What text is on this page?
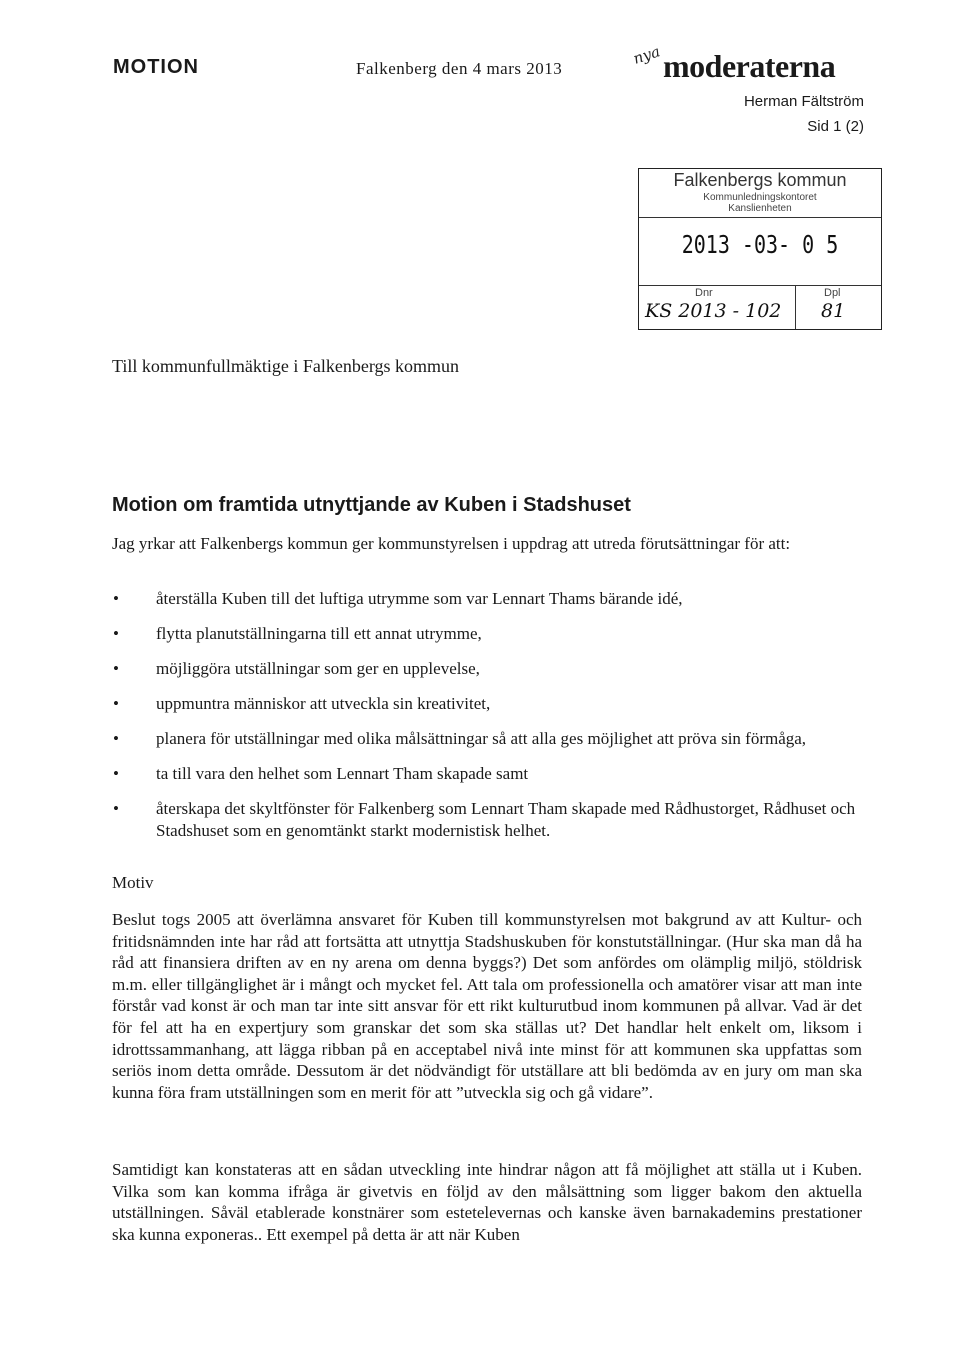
MOTION	Falkenberg den 4 mars 2013
nya moderaterna
Herman Fältström
Sid 1 (2)
Falkenbergs kommun
Kommunledningskontoret
Kanslienheten
2013 -03- 0 5
Dnr	Dpl
KS 2013 - 102 81
Till kommunfullmäktige i Falkenbergs kommun
Motion om framtida utnyttjande av Kuben i Stadshuset
Jag yrkar att Falkenbergs kommun ger kommunstyrelsen i uppdrag att utreda förutsättningar för att:
• återställa Kuben till det luftiga utrymme som var Lennart Thams bärande idé,
• flytta planutställningarna till ett annat utrymme,
• möjliggöra utställningar som ger en upplevelse,
• uppmuntra människor att utveckla sin kreativitet,
• planera för utställningar med olika målsättningar så att alla ges möjlighet att pröva sin förmåga,
• ta till vara den helhet som Lennart Tham skapade samt
• återskapa det skyltfönster för Falkenberg som Lennart Tham skapade med Rådhustorget, Rådhuset och Stadshuset som en genomtänkt starkt modernistisk helhet.
Motiv
Beslut togs 2005 att överlämna ansvaret för Kuben till kommunstyrelsen mot bakgrund av att Kultur- och fritidsnämnden inte har råd att fortsätta att utnyttja Stadshuskuben för konstutställningar. (Hur ska man då ha råd att finansiera driften av en ny arena om denna byggs?) Det som anfördes om olämplig miljö, stöldrisk m.m. eller tillgänglighet är i mångt och mycket fel. Att tala om professionella och amatörer visar att man inte förstår vad konst är och man tar inte sitt ansvar för ett rikt kulturutbud inom kommunen på allvar. Vad är det för fel att ha en expertjury som granskar det som ska ställas ut? Det handlar helt enkelt om, liksom i idrottssammanhang, att lägga ribban på en acceptabel nivå inte minst för att kommunen ska uppfattas som seriös inom detta område. Dessutom är det nödvändigt för utställare att bli bedömda av en jury om man ska kunna föra fram utställningen som en merit för att ”utveckla sig och gå vidare”.
Samtidigt kan konstateras att en sådan utveckling inte hindrar någon att få möjlighet att ställa ut i Kuben. Vilka som kan komma ifråga är givetvis en följd av den målsättning som ligger bakom den aktuella utställningen. Såväl etablerade konstnärer som estetelevernas och kanske även barnakademins prestationer ska kunna exponeras.. Ett exempel på detta är att när Kuben
